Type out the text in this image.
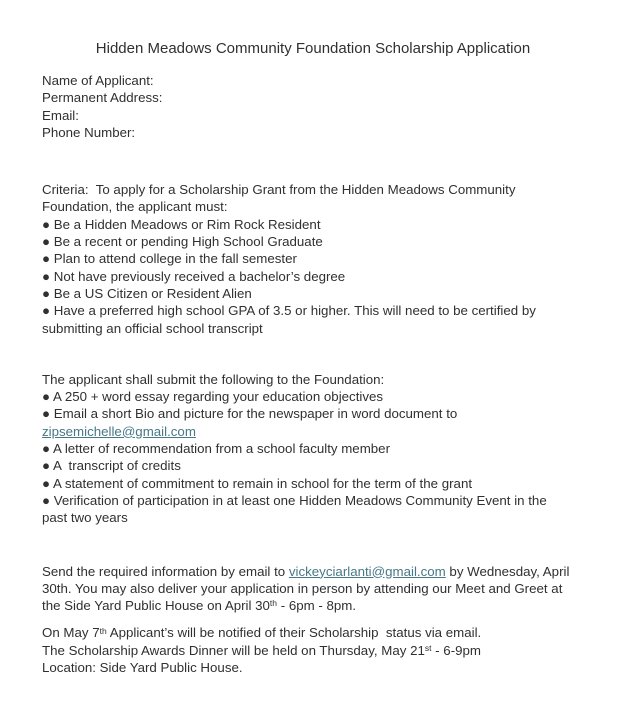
Hidden Meadows Community Foundation Scholarship Application
Name of Applicant:
Permanent Address:
Email:
Phone Number:
Criteria:  To apply for a Scholarship Grant from the Hidden Meadows Community
Foundation, the applicant must:
● Be a Hidden Meadows or Rim Rock Resident
● Be a recent or pending High School Graduate
● Plan to attend college in the fall semester
● Not have previously received a bachelor’s degree
● Be a US Citizen or Resident Alien
● Have a preferred high school GPA of 3.5 or higher. This will need to be certified by
submitting an official school transcript
The applicant shall submit the following to the Foundation:
● A 250 + word essay regarding your education objectives
● Email a short Bio and picture for the newspaper in word document to
zipsemichelle@gmail.com
● A letter of recommendation from a school faculty member
● A  transcript of credits
● A statement of commitment to remain in school for the term of the grant
● Verification of participation in at least one Hidden Meadows Community Event in the
past two years
Send the required information by email to vickeyciarlanti@gmail.com by Wednesday, April
30th. You may also deliver your application in person by attending our Meet and Greet at
the Side Yard Public House on April 30th - 6pm - 8pm.
On May 7th Applicant’s will be notified of their Scholarship  status via email.
The Scholarship Awards Dinner will be held on Thursday, May 21st - 6-9pm
Location: Side Yard Public House.
